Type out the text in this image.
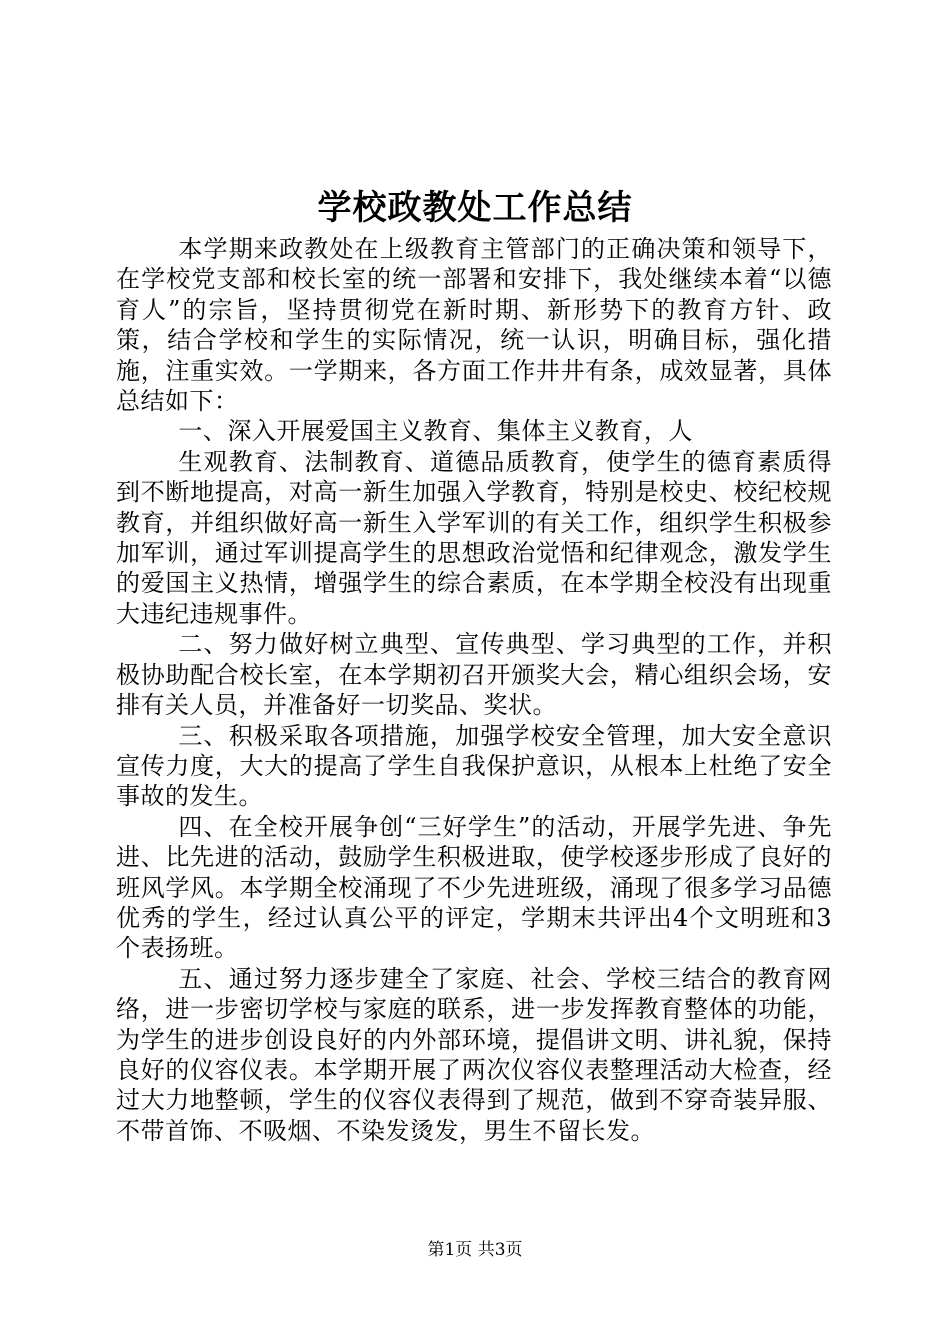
学校政教处工作总结

本学期来政教处在上级教育主管部门的正确决策和领导下，在学校党支部和校长室的统一部署和安排下，我处继续本着“以德育人”的宗旨，坚持贯彻党在新时期、新形势下的教育方针、政策，结合学校和学生的实际情况，统一认识，明确目标，强化措施，注重实效。一学期来，各方面工作井井有条，成效显著，具体总结如下：

一、深入开展爱国主义教育、集体主义教育，人

生观教育、法制教育、道德品质教育，使学生的德育素质得到不断地提高，对高一新生加强入学教育，特别是校史、校纪校规教育，并组织做好高一新生入学军训的有关工作，组织学生积极参加军训，通过军训提高学生的思想政治觉悟和纪律观念，激发学生的爱国主义热情，增强学生的综合素质，在本学期全校没有出现重大违纪违规事件。

二、努力做好树立典型、宣传典型、学习典型的工作，并积极协助配合校长室，在本学期初召开颁奖大会，精心组织会场，安排有关人员，并准备好一切奖品、奖状。

三、积极采取各项措施，加强学校安全管理，加大安全意识宣传力度，大大的提高了学生自我保护意识，从根本上杜绝了安全事故的发生。

四、在全校开展争创“三好学生”的活动，开展学先进、争先进、比先进的活动，鼓励学生积极进取，使学校逐步形成了良好的班风学风。本学期全校涌现了不少先进班级，涌现了很多学习品德优秀的学生，经过认真公平的评定，学期末共评出4个文明班和3个表扬班。

五、通过努力逐步建全了家庭、社会、学校三结合的教育网络，进一步密切学校与家庭的联系，进一步发挥教育整体的功能，为学生的进步创设良好的内外部环境，提倡讲文明、讲礼貌，保持良好的仪容仪表。本学期开展了两次仪容仪表整理活动大检查，经过大力地整顿，学生的仪容仪表得到了规范，做到不穿奇装异服、不带首饰、不吸烟、不染发烫发，男生不留长发。

第1页 共3页
